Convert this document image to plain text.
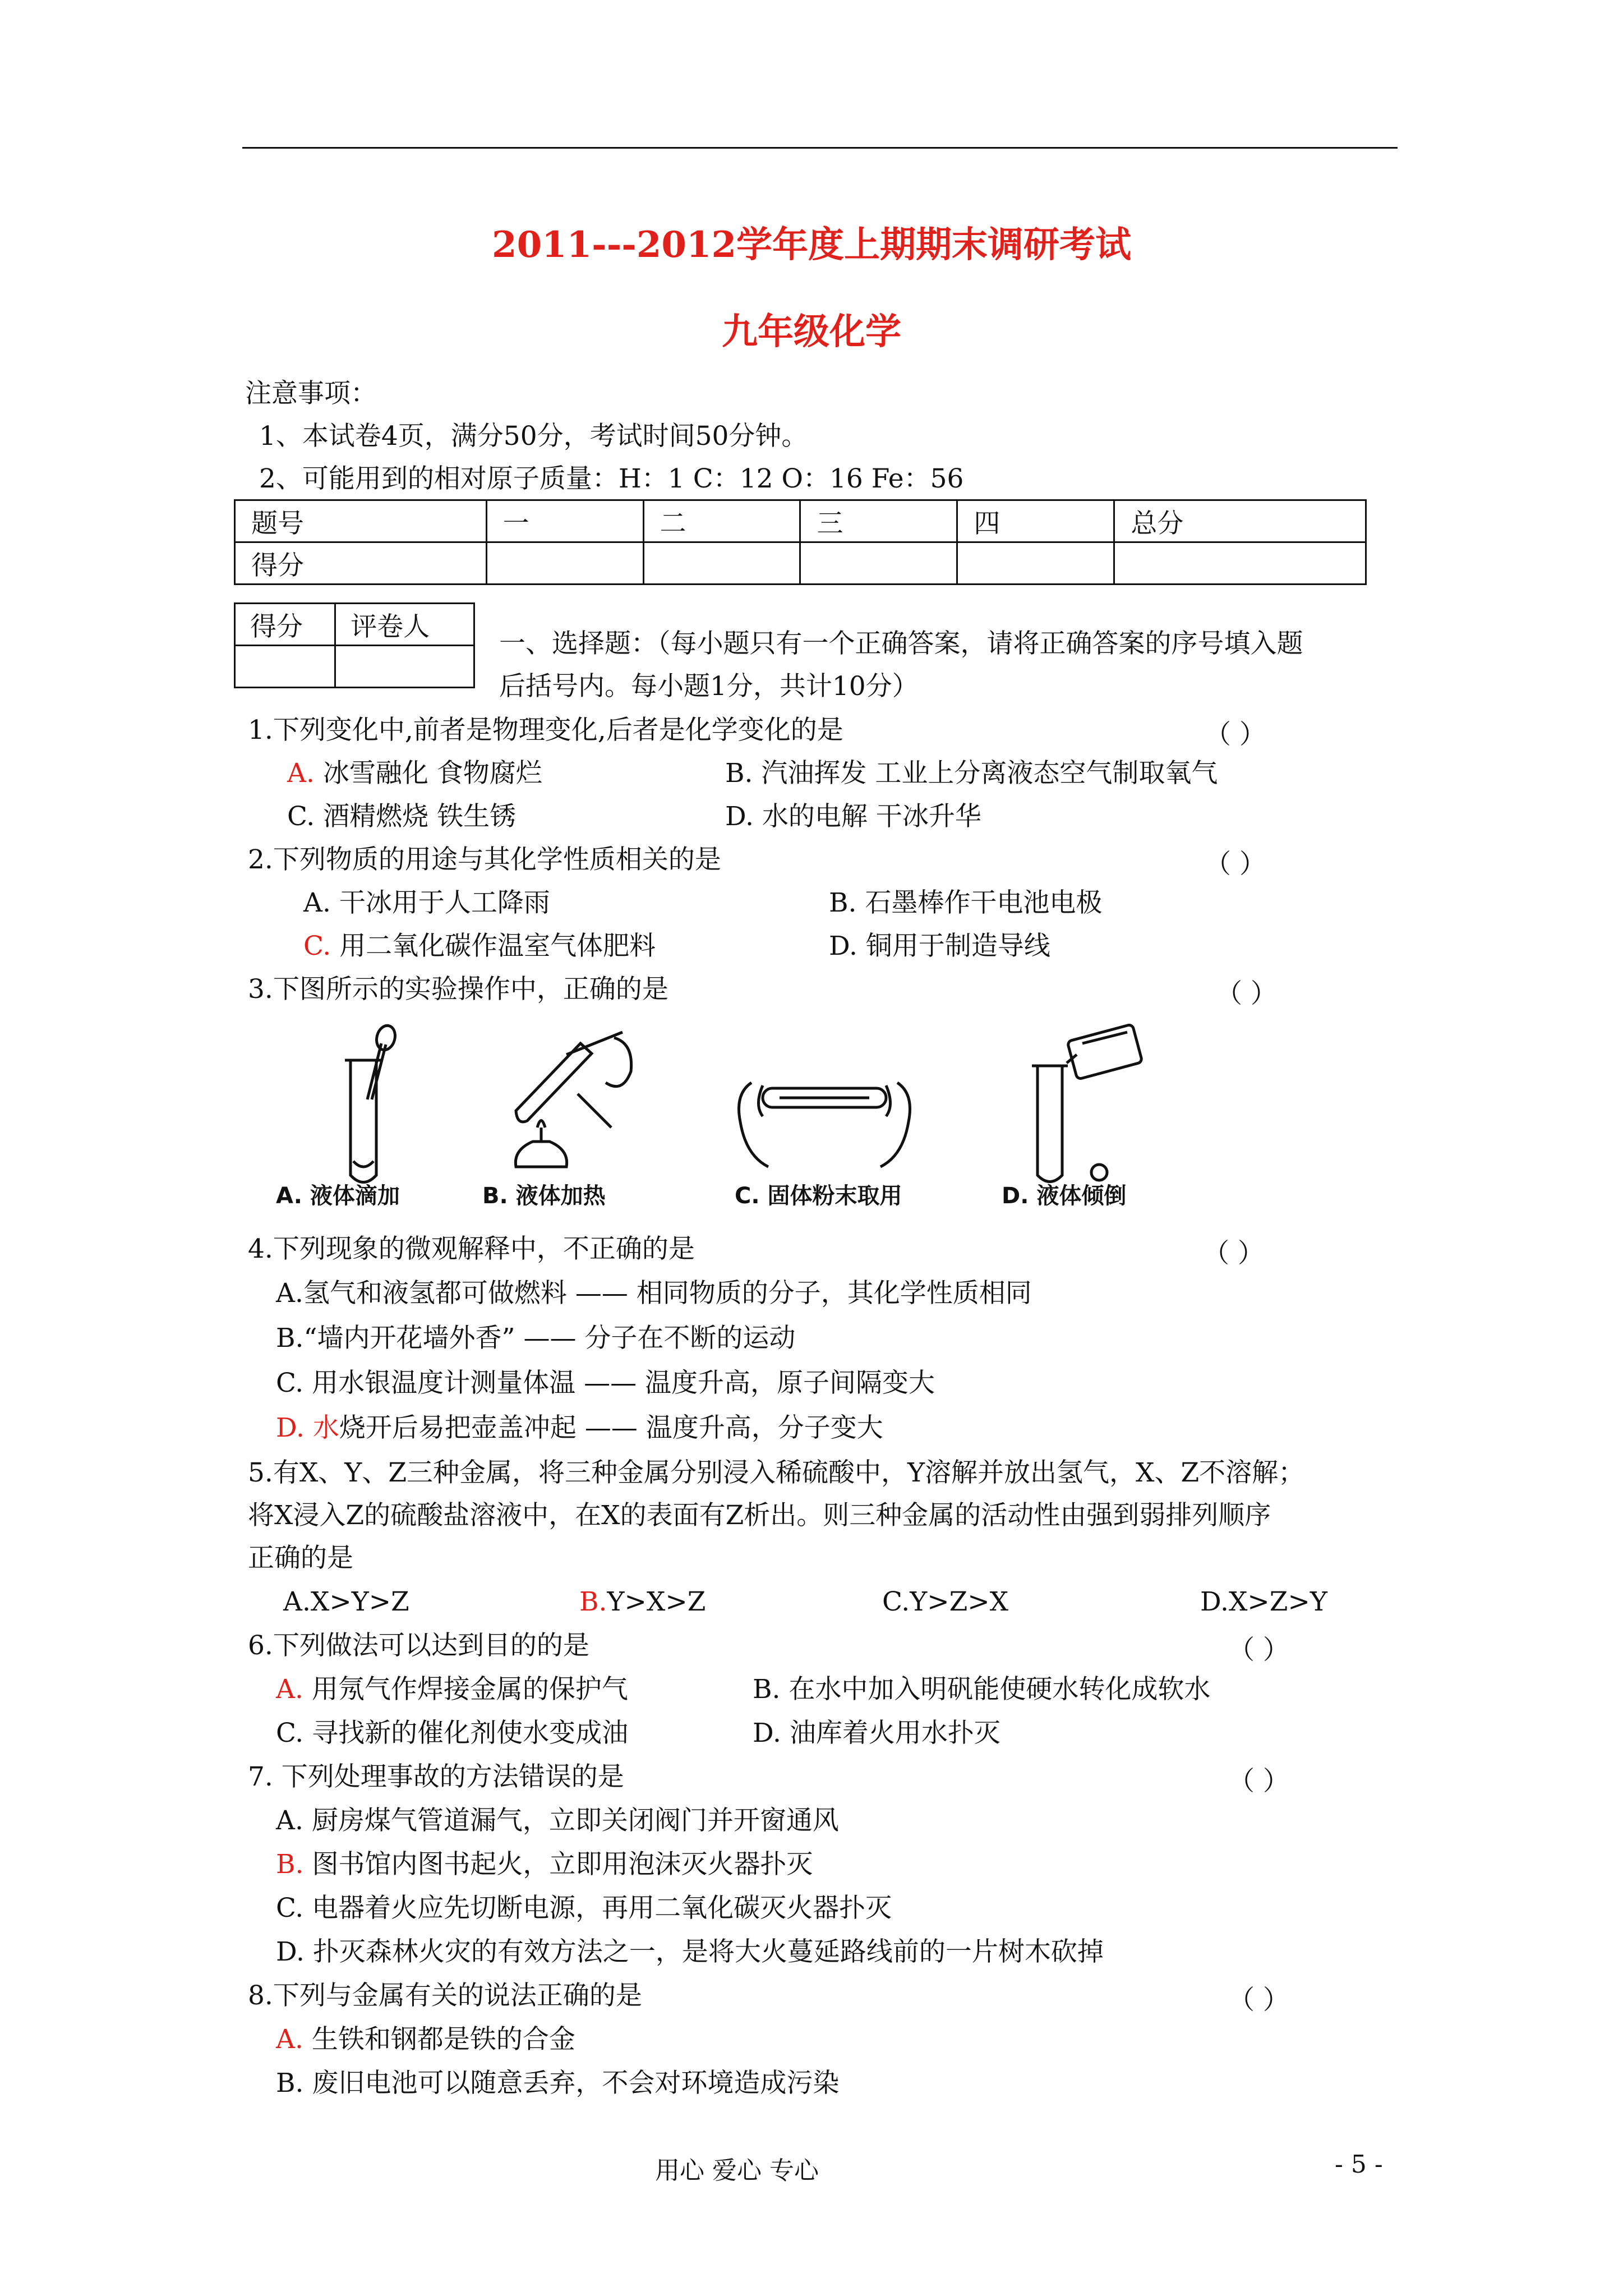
2011---2012学年度上期期末调研考试
九年级化学
注意事项：
1、本试卷4页，满分50分，考试时间50分钟。
2、可能用到的相对原子质量：H：1 C：12 O：16 Fe：56
题号	一	二	三	四	总分
得分					
得分	评卷人

一、选择题：（每小题只有一个正确答案，请将正确答案的序号填入题
后括号内。每小题1分，共计10分）
1.下列变化中,前者是物理变化,后者是化学变化的是	（ ）
A. 冰雪融化 食物腐烂	B. 汽油挥发 工业上分离液态空气制取氧气
C. 酒精燃烧 铁生锈	D. 水的电解 干冰升华
2.下列物质的用途与其化学性质相关的是	（ ）
A. 干冰用于人工降雨	B. 石墨棒作干电池电极
C. 用二氧化碳作温室气体肥料	D. 铜用于制造导线
3.下图所示的实验操作中，正确的是	（ ）
A. 液体滴加	B. 液体加热	C. 固体粉末取用	D. 液体倾倒
4.下列现象的微观解释中，不正确的是	（ ）
A.氢气和液氢都可做燃料 —— 相同物质的分子，其化学性质相同
B.“墙内开花墙外香” —— 分子在不断的运动
C. 用水银温度计测量体温 —— 温度升高，原子间隔变大
D. 水烧开后易把壶盖冲起 —— 温度升高，分子变大
5.有X、Y、Z三种金属，将三种金属分别浸入稀硫酸中，Y溶解并放出氢气，X、Z不溶解；
将X浸入Z的硫酸盐溶液中，在X的表面有Z析出。则三种金属的活动性由强到弱排列顺序
正确的是
A.X>Y>Z	B.Y>X>Z	C.Y>Z>X	D.X>Z>Y
6.下列做法可以达到目的的是	（ ）
A. 用氖气作焊接金属的保护气	B. 在水中加入明矾能使硬水转化成软水
C. 寻找新的催化剂使水变成油	D. 油库着火用水扑灭
7. 下列处理事故的方法错误的是	（ ）
A. 厨房煤气管道漏气，立即关闭阀门并开窗通风
B. 图书馆内图书起火，立即用泡沫灭火器扑灭
C. 电器着火应先切断电源，再用二氧化碳灭火器扑灭
D. 扑灭森林火灾的有效方法之一，是将大火蔓延路线前的一片树木砍掉
8.下列与金属有关的说法正确的是	（ ）
A. 生铁和钢都是铁的合金
B. 废旧电池可以随意丢弃，不会对环境造成污染
用心 爱心 专心	- 5 -
